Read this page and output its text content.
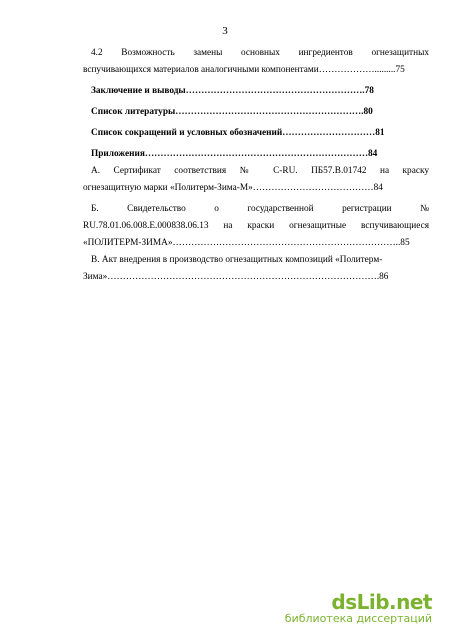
3
4.2 Возможность замены основных ингредиентов огнезащитных
вспучивающихся материалов аналогичными компонентами……………….........75
Заключение и выводы………………………………………………….78
Список литературы…………………………………………………….80
Список сокращений и условных обозначений…………………………81
Приложения………………………………………………………………84
А. Сертификат соответствия № C-RU. ПБ57.В.01742 на краску
огнезащитную марки «Политерм-Зима-М»…………………………………84
Б. Свидетельство о государственной регистрации №
RU.78.01.06.008.Е.000838.06.13 на краски огнезащитные вспучивающиеся
«ПОЛИТЕРМ-ЗИМА»………………………………………………………………..85
В. Акт внедрения в производство огнезащитных композиций «Политерм-
Зима»…………………………………………………………………………….86
dsLib.net
библиотека диссертаций
